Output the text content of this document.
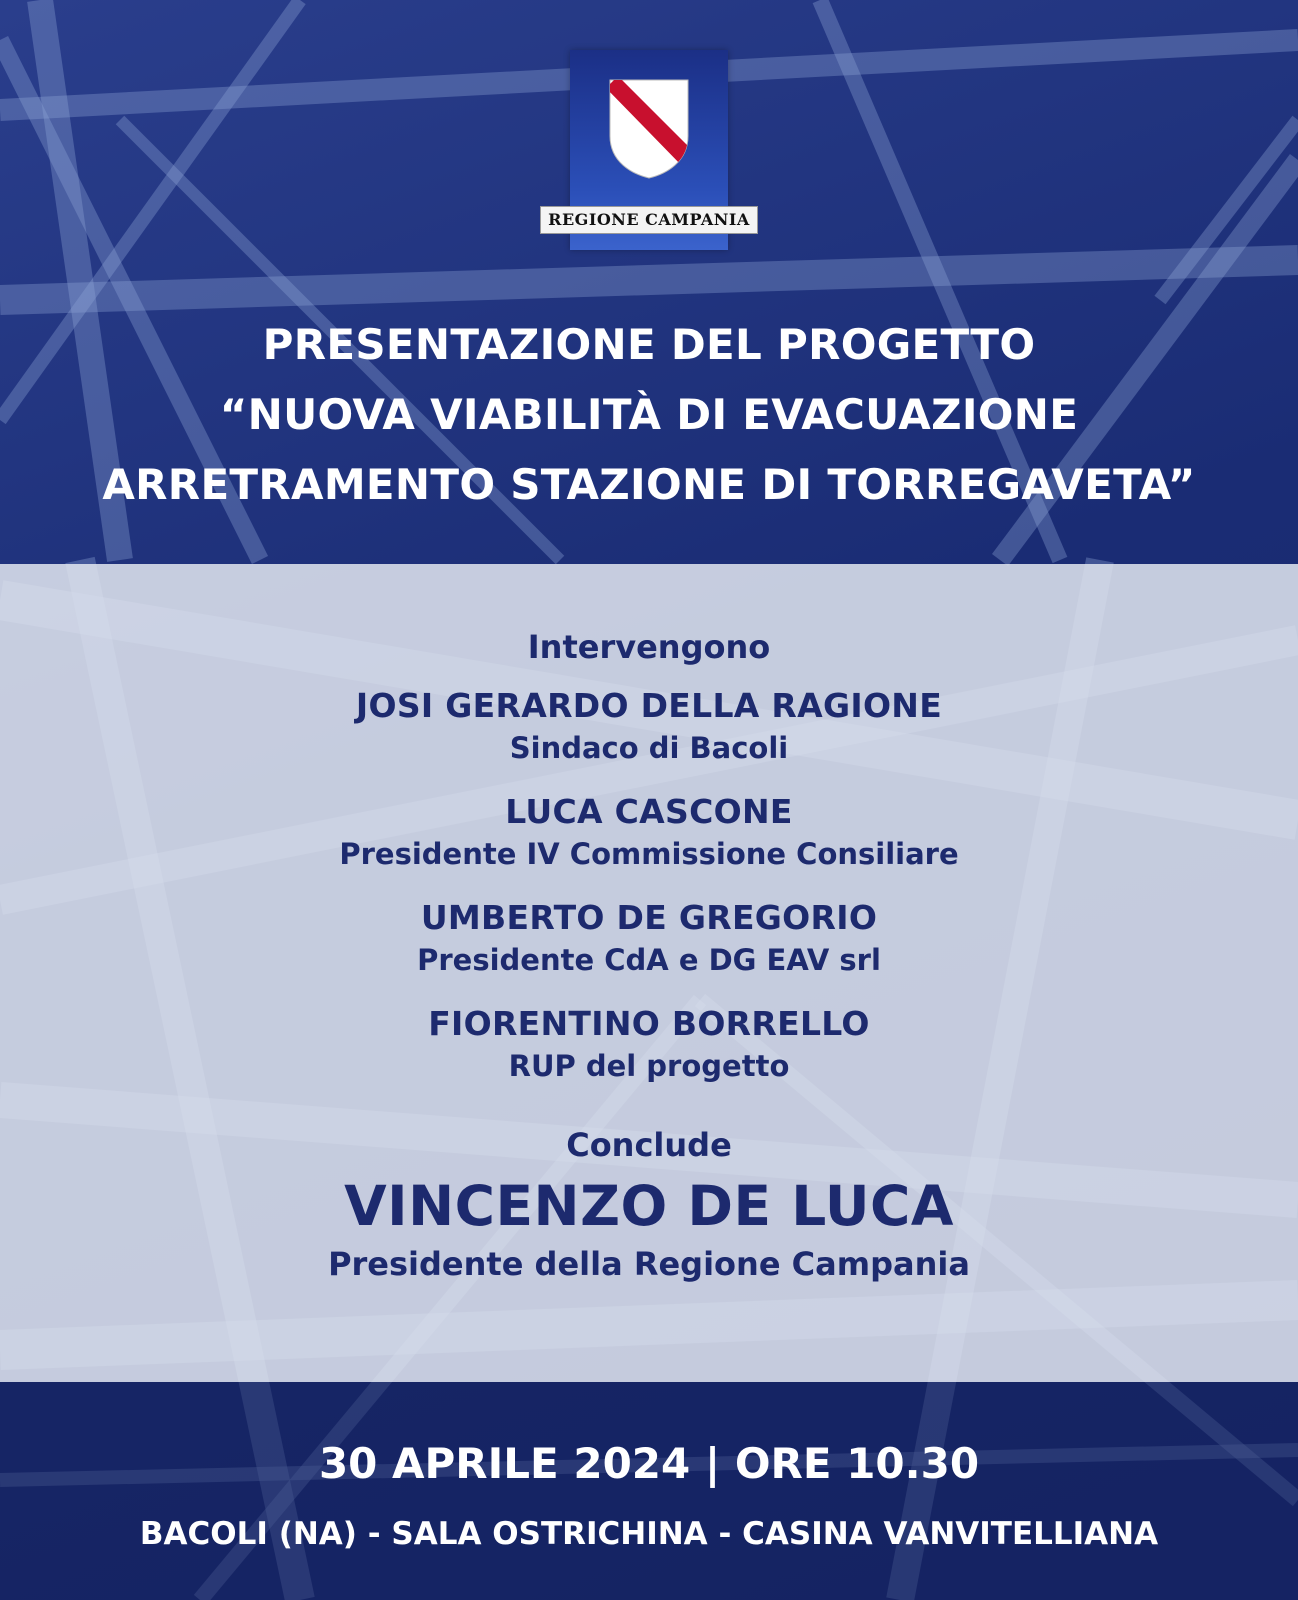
REGIONE CAMPANIA
PRESENTAZIONE DEL PROGETTO
“NUOVA VIABILITÀ DI EVACUAZIONE
ARRETRAMENTO STAZIONE DI TORREGAVETA”
Intervengono
JOSI GERARDO DELLA RAGIONE
Sindaco di Bacoli
LUCA CASCONE
Presidente IV Commissione Consiliare
UMBERTO DE GREGORIO
Presidente CdA e DG EAV srl
FIORENTINO BORRELLO
RUP del progetto
Conclude
VINCENZO DE LUCA
Presidente della Regione Campania
30 APRILE 2024 | ORE 10.30
BACOLI (NA) - SALA OSTRICHINA - CASINA VANVITELLIANA
